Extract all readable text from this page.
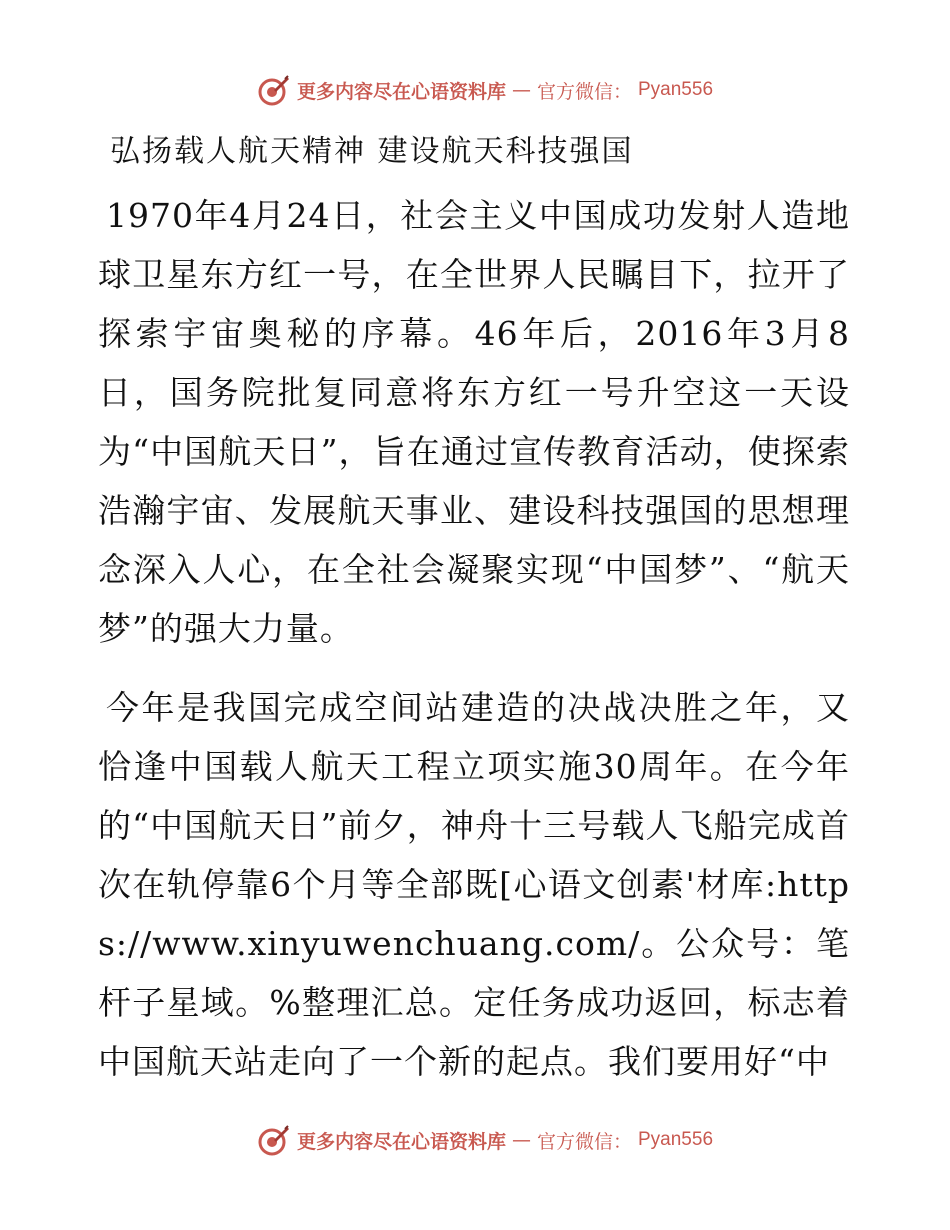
更多内容尽在心语资料库 — 官方微信： Pyan556
弘扬载人航天精神 建设航天科技强国

1970年4月24日，社会主义中国成功发射人造地球卫星东方红一号，在全世界人民瞩目下，拉开了探索宇宙奥秘的序幕。46年后，2016年3月8日，国务院批复同意将东方红一号升空这一天设为“中国航天日”，旨在通过宣传教育活动，使探索浩瀚宇宙、发展航天事业、建设科技强国的思想理念深入人心，在全社会凝聚实现“中国梦”、“航天梦”的强大力量。

今年是我国完成空间站建造的决战决胜之年，又恰逢中国载人航天工程立项实施30周年。在今年的“中国航天日”前夕，神舟十三号载人飞船完成首次在轨停靠6个月等全部既[心语文创素'材库:https://www.xinyuwenchuang.com/。公众号：笔杆子星域。%整理汇总。定任务成功返回，标志着中国航天站走向了一个新的起点。我们要用好“中

更多内容尽在心语资料库 — 官方微信： Pyan556
